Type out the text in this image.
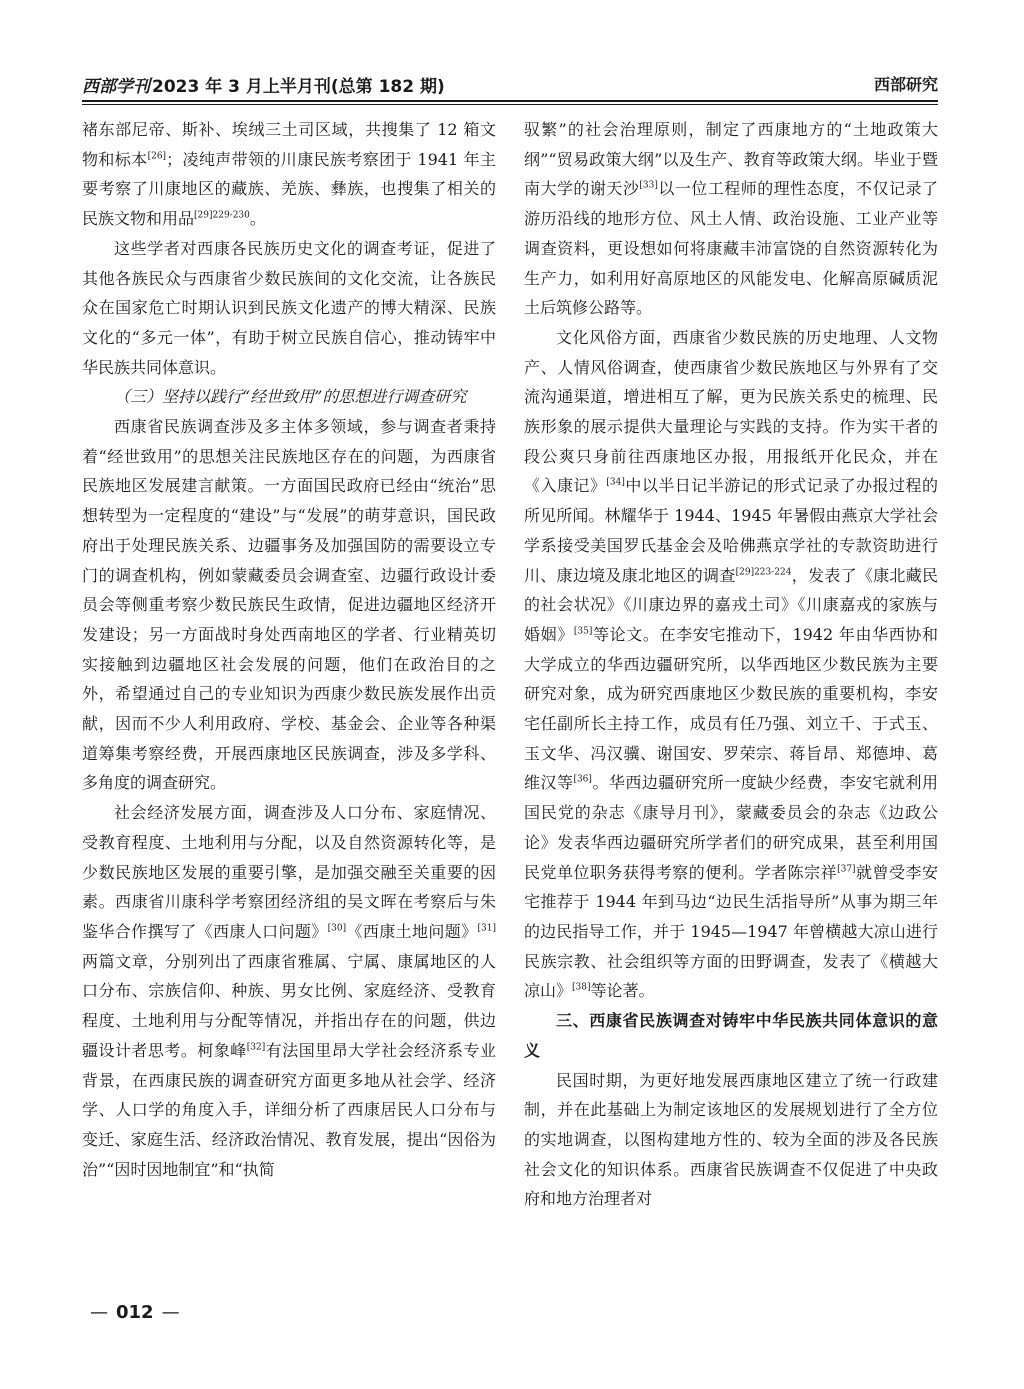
西部学刊 2023 年 3 月上半月刊(总第 182 期)	西部研究

褚东部尼帝、斯补、埃绒三土司区域，共搜集了 12 箱文物和标本[26]；凌纯声带领的川康民族考察团于 1941 年主要考察了川康地区的藏族、羌族、彝族，也搜集了相关的民族文物和用品$^{[29]229-230}$。

这些学者对西康各民族历史文化的调查考证，促进了其他各族民众与西康省少数民族间的文化交流，让各族民众在国家危亡时期认识到民族文化遗产的博大精深、民族文化的“多元一体”，有助于树立民族自信心，推动铸牢中华民族共同体意识。

（三）坚持以践行“经世致用”的思想进行调查研究

西康省民族调查涉及多主体多领域，参与调查者秉持着“经世致用”的思想关注民族地区存在的问题，为西康省民族地区发展建言献策。一方面国民政府已经由“统治”思想转型为一定程度的“建设”与“发展”的萌芽意识，国民政府出于处理民族关系、边疆事务及加强国防的需要设立专门的调查机构，例如蒙藏委员会调查室、边疆行政设计委员会等侧重考察少数民族民生政情，促进边疆地区经济开发建设；另一方面战时身处西南地区的学者、行业精英切实接触到边疆地区社会发展的问题，他们在政治目的之外，希望通过自己的专业知识为西康少数民族发展作出贡献，因而不少人利用政府、学校、基金会、企业等各种渠道筹集考察经费，开展西康地区民族调查，涉及多学科、多角度的调查研究。

社会经济发展方面，调查涉及人口分布、家庭情况、受教育程度、土地利用与分配，以及自然资源转化等，是少数民族地区发展的重要引擎，是加强交融至关重要的因素。西康省川康科学考察团经济组的吴文晖在考察后与朱鉴华合作撰写了《西康人口问题》[30]《西康土地问题》[31]两篇文章，分别列出了西康省雅属、宁属、康属地区的人口分布、宗族信仰、种族、男女比例、家庭经济、受教育程度、土地利用与分配等情况，并指出存在的问题，供边疆设计者思考。柯象峰[32]有法国里昂大学社会经济系专业背景，在西康民族的调查研究方面更多地从社会学、经济学、人口学的角度入手，详细分析了西康居民人口分布与变迁、家庭生活、经济政治情况、教育发展，提出“因俗为治”“因时因地制宜”和“执简

驭繁”的社会治理原则，制定了西康地方的“土地政策大纲”“贸易政策大纲”以及生产、教育等政策大纲。毕业于暨南大学的谢天沙[33]以一位工程师的理性态度，不仅记录了游历沿线的地形方位、风土人情、政治设施、工业产业等调查资料，更设想如何将康藏丰沛富饶的自然资源转化为生产力，如利用好高原地区的风能发电、化解高原碱质泥土后筑修公路等。

文化风俗方面，西康省少数民族的历史地理、人文物产、人情风俗调查，使西康省少数民族地区与外界有了交流沟通渠道，增进相互了解，更为民族关系史的梳理、民族形象的展示提供大量理论与实践的支持。作为实干者的段公爽只身前往西康地区办报，用报纸开化民众，并在《入康记》[34]中以半日记半游记的形式记录了办报过程的所见所闻。林耀华于 1944、1945 年暑假由燕京大学社会学系接受美国罗氏基金会及哈佛燕京学社的专款资助进行川、康边境及康北地区的调查$^{[29]223-224}$，发表了《康北藏民的社会状况》《川康边界的嘉戎土司》《川康嘉戎的家族与婚姻》[35]等论文。在李安宅推动下，1942 年由华西协和大学成立的华西边疆研究所，以华西地区少数民族为主要研究对象，成为研究西康地区少数民族的重要机构，李安宅任副所长主持工作，成员有任乃强、刘立千、于式玉、玉文华、冯汉骥、谢国安、罗荣宗、蒋旨昂、郑德坤、葛维汉等[36]。华西边疆研究所一度缺少经费，李安宅就利用国民党的杂志《康导月刊》，蒙藏委员会的杂志《边政公论》发表华西边疆研究所学者们的研究成果，甚至利用国民党单位职务获得考察的便利。学者陈宗祥[37]就曾受李安宅推荐于 1944 年到马边“边民生活指导所”从事为期三年的边民指导工作，并于 1945—1947 年曾横越大凉山进行民族宗教、社会组织等方面的田野调查，发表了《横越大凉山》[38]等论著。

三、西康省民族调查对铸牢中华民族共同体意识的意义

民国时期，为更好地发展西康地区建立了统一行政建制，并在此基础上为制定该地区的发展规划进行了全方位的实地调查，以图构建地方性的、较为全面的涉及各民族社会文化的知识体系。西康省民族调查不仅促进了中央政府和地方治理者对

— 012 —
